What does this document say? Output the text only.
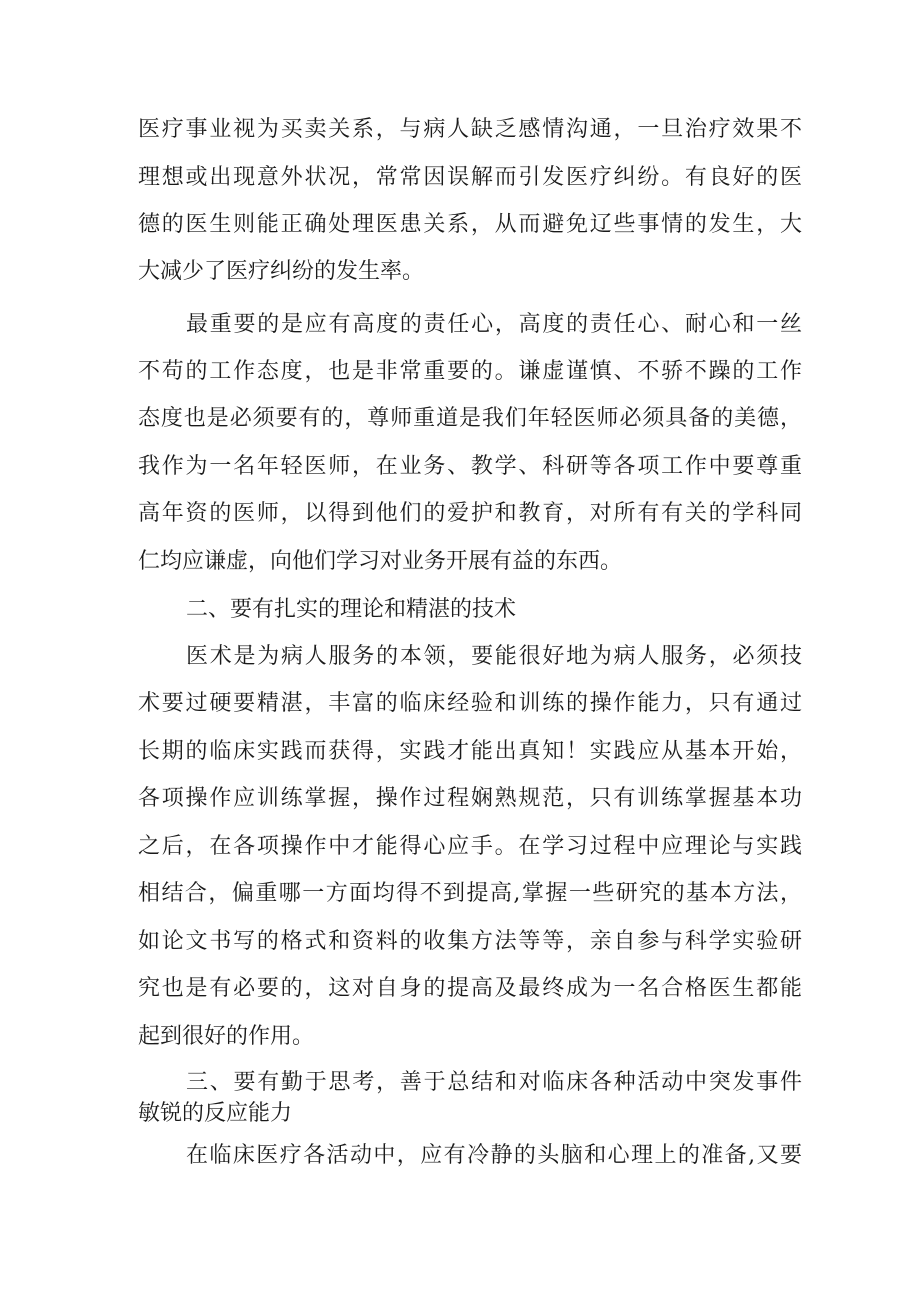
医疗事业视为买卖关系，与病人缺乏感情沟通，一旦治疗效果不

理想或出现意外状况，常常因误解而引发医疗纠纷。有良好的医

德的医生则能正确处理医患关系，从而避免辽些事情的发生，大

大减少了医疗纠纷的发生率。

最重要的是应有高度的责任心，高度的责任心、耐心和一丝

不苟的工作态度，也是非常重要的。谦虚谨慎、不骄不躁的工作

态度也是必须要有的，尊师重道是我们年轻医师必须具备的美德，

我作为一名年轻医师，在业务、教学、科研等各项工作中要尊重

高年资的医师，以得到他们的爱护和教育，对所有有关的学科同

仁均应谦虚，向他们学习对业务开展有益的东西。

二、要有扎实的理论和精湛的技术

医术是为病人服务的本领，要能很好地为病人服务，必须技

术要过硬要精湛，丰富的临床经验和训练的操作能力，只有通过

长期的临床实践而获得，实践才能出真知！实践应从基本开始，

各项操作应训练掌握，操作过程娴熟规范，只有训练掌握基本功

之后，在各项操作中才能得心应手。在学习过程中应理论与实践

相结合，偏重哪一方面均得不到提高,掌握一些研究的基本方法，

如论文书写的格式和资料的收集方法等等，亲自参与科学实验研

究也是有必要的，这对自身的提高及最终成为一名合格医生都能

起到很好的作用。

三、要有勤于思考，善于总结和对临床各种活动中突发事件

敏锐的反应能力

在临床医疗各活动中，应有冷静的头脑和心理上的准备,又要
